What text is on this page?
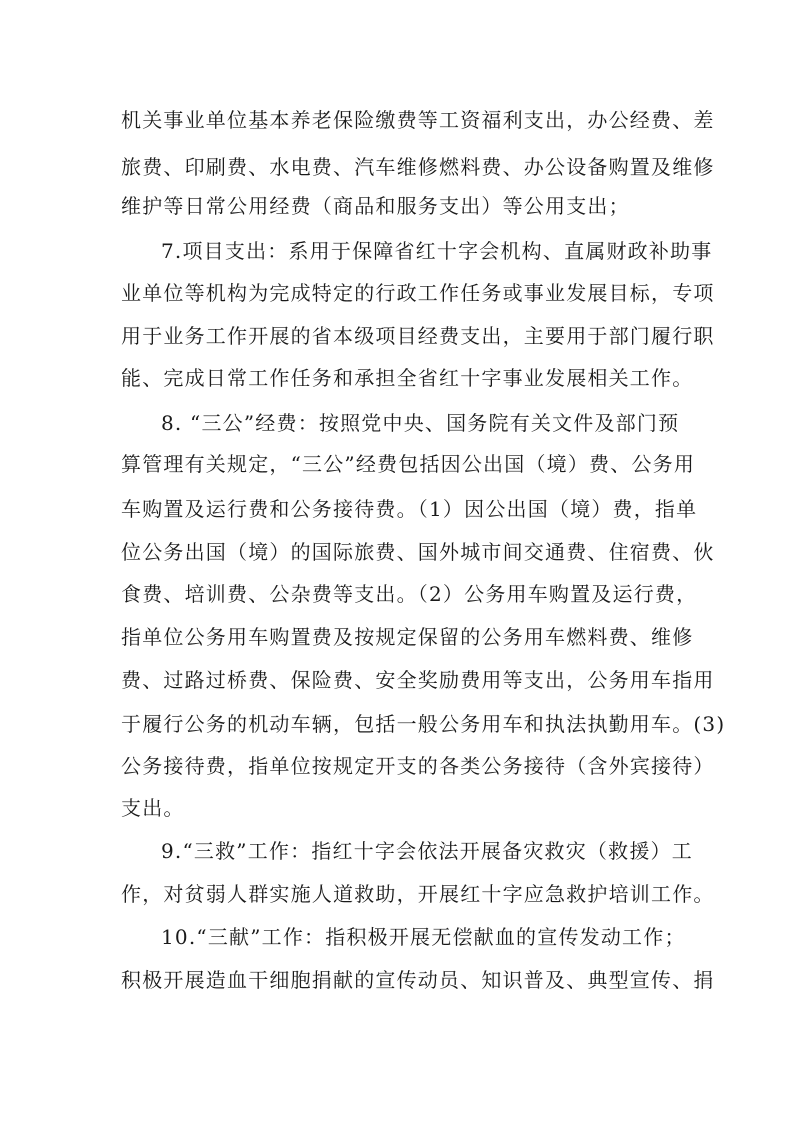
机关事业单位基本养老保险缴费等工资福利支出，办公经费、差
旅费、印刷费、水电费、汽车维修燃料费、办公设备购置及维修
维护等日常公用经费（商品和服务支出）等公用支出；
7.项目支出：系用于保障省红十字会机构、直属财政补助事
业单位等机构为完成特定的行政工作任务或事业发展目标，专项
用于业务工作开展的省本级项目经费支出，主要用于部门履行职
能、完成日常工作任务和承担全省红十字事业发展相关工作。
8. “三公”经费：按照党中央、国务院有关文件及部门预
算管理有关规定，“三公”经费包括因公出国（境）费、公务用
车购置及运行费和公务接待费。（1）因公出国（境）费，指单
位公务出国（境）的国际旅费、国外城市间交通费、住宿费、伙
食费、培训费、公杂费等支出。（2）公务用车购置及运行费，
指单位公务用车购置费及按规定保留的公务用车燃料费、维修
费、过路过桥费、保险费、安全奖励费用等支出，公务用车指用
于履行公务的机动车辆，包括一般公务用车和执法执勤用车。(3)
公务接待费，指单位按规定开支的各类公务接待（含外宾接待）
支出。
9.“三救”工作：指红十字会依法开展备灾救灾（救援）工
作，对贫弱人群实施人道救助，开展红十字应急救护培训工作。
10.“三献”工作：指积极开展无偿献血的宣传发动工作；
积极开展造血干细胞捐献的宣传动员、知识普及、典型宣传、捐
